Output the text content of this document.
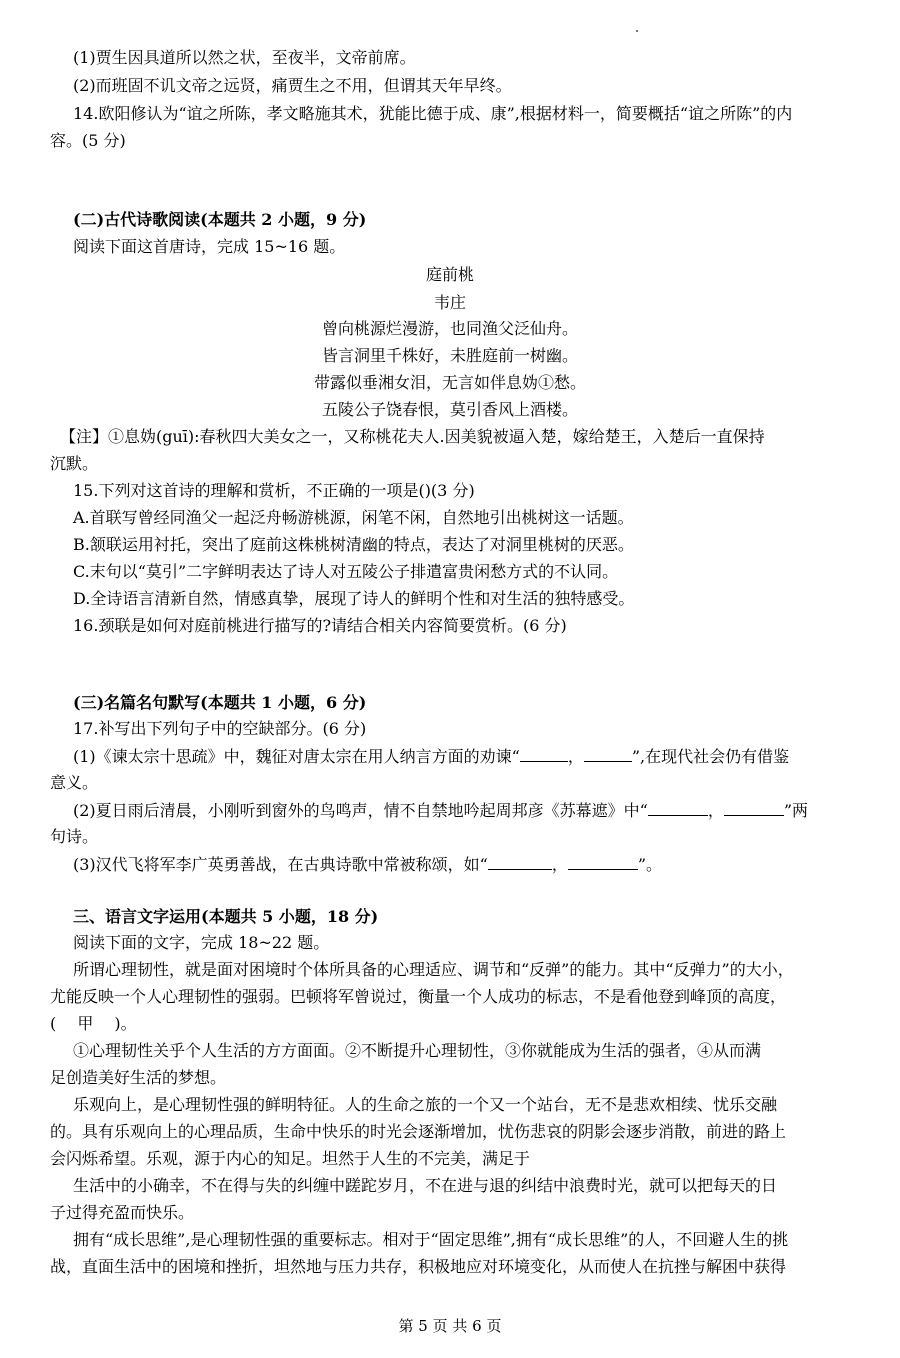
(1)贾生因具道所以然之状，至夜半，文帝前席。
(2)而班固不讥文帝之远贤，痛贾生之不用，但谓其天年早终。
14.欧阳修认为“谊之所陈，孝文略施其术，犹能比德于成、康”,根据材料一，简要概括“谊之所陈”的内
容。(5 分)
(二)古代诗歌阅读(本题共 2 小题，9 分)
阅读下面这首唐诗，完成 15~16 题。
庭前桃
韦庄
曾向桃源烂漫游，也同渔父泛仙舟。
皆言洞里千株好，未胜庭前一树幽。
带露似垂湘女泪，无言如伴息妫①愁。
五陵公子饶春恨，莫引香风上酒楼。
【注】①息妫(guī):春秋四大美女之一，又称桃花夫人.因美貌被逼入楚，嫁给楚王，入楚后一直保持
沉默。
15.下列对这首诗的理解和赏析，不正确的一项是()(3 分)
A.首联写曾经同渔父一起泛舟畅游桃源，闲笔不闲，自然地引出桃树这一话题。
B.颔联运用衬托，突出了庭前这株桃树清幽的特点，表达了对洞里桃树的厌恶。
C.末句以“莫引”二字鲜明表达了诗人对五陵公子排遣富贵闲愁方式的不认同。
D.全诗语言清新自然，情感真挚，展现了诗人的鲜明个性和对生活的独特感受。
16.颈联是如何对庭前桃进行描写的?请结合相关内容简要赏析。(6 分)
(三)名篇名句默写(本题共 1 小题，6 分)
17.补写出下列句子中的空缺部分。(6 分)
(1)《谏太宗十思疏》中，魏征对唐太宗在用人纳言方面的劝谏“	，	”,在现代社会仍有借鉴
意义。
(2)夏日雨后清晨，小刚听到窗外的鸟鸣声，情不自禁地吟起周邦彦《苏幕遮》中“	，	”两
句诗。
(3)汉代飞将军李广英勇善战，在古典诗歌中常被称颂，如“	，	”。
三、语言文字运用(本题共 5 小题，18 分)
阅读下面的文字，完成 18~22 题。
所谓心理韧性，就是面对困境时个体所具备的心理适应、调节和“反弹”的能力。其中“反弹力”的大小，
尤能反映一个人心理韧性的强弱。巴顿将军曾说过，衡量一个人成功的标志，不是看他登到峰顶的高度，
(　 甲　 )。
①心理韧性关乎个人生活的方方面面。②不断提升心理韧性，③你就能成为生活的强者，④从而满
足创造美好生活的梦想。
乐观向上，是心理韧性强的鲜明特征。人的生命之旅的一个又一个站台，无不是悲欢相续、忧乐交融
的。具有乐观向上的心理品质，生命中快乐的时光会逐渐增加，忧伤悲哀的阴影会逐步消散，前进的路上
会闪烁希望。乐观，源于内心的知足。坦然于人生的不完美，满足于
生活中的小确幸，不在得与失的纠缠中蹉跎岁月，不在进与退的纠结中浪费时光，就可以把每天的日
子过得充盈而快乐。
拥有“成长思维”,是心理韧性强的重要标志。相对于“固定思维”,拥有“成长思维”的人，不回避人生的挑
战，直面生活中的困境和挫折，坦然地与压力共存，积极地应对环境变化，从而使人在抗挫与解困中获得
第 5 页 共 6 页
